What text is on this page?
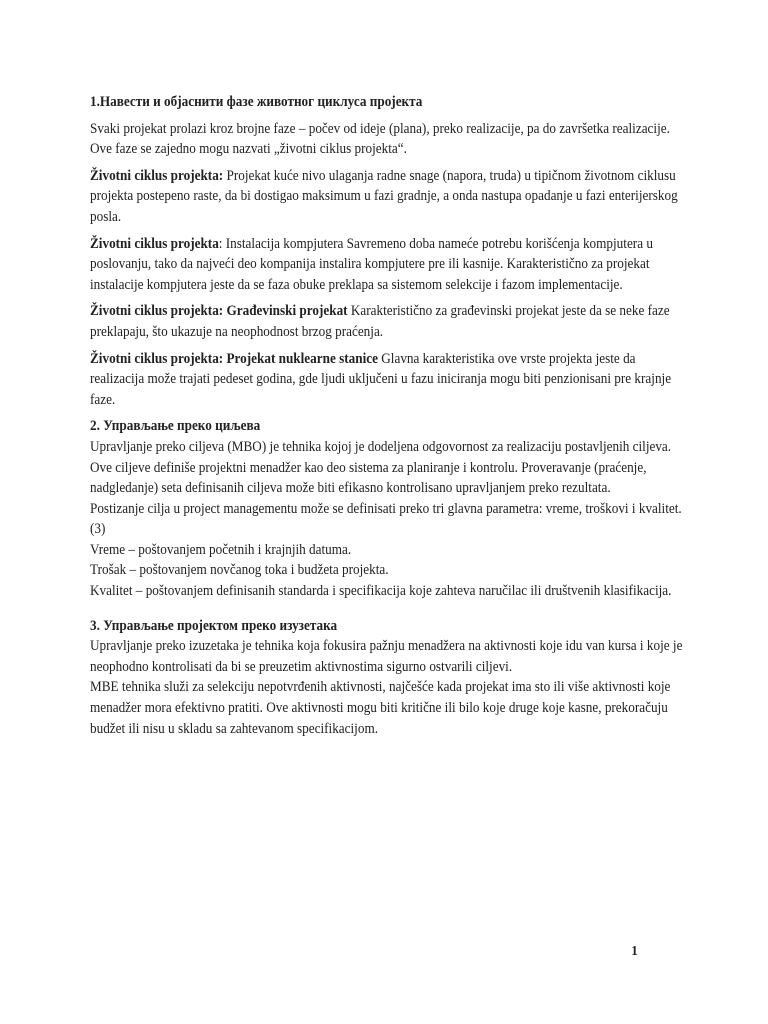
1.Навести и објаснити фазе животног циклуса пројекта
Svaki projekat prolazi kroz brojne faze – počev od ideje (plana), preko realizacije, pa do završetka realizacije. Ove faze se zajedno mogu nazvati „životni ciklus projekta“.
Životni ciklus projekta: Projekat kuće nivo ulaganja radne snage (napora, truda) u tipičnom životnom ciklusu projekta postepeno raste, da bi dostigao maksimum u fazi gradnje, a onda nastupa opadanje u fazi enterijerskog posla.
Životni ciklus projekta: Instalacija kompjutera Savremeno doba nameće potrebu korišćenja kompjutera u poslovanju, tako da najveći deo kompanija instalira kompjutere pre ili kasnije. Karakteristično za projekat instalacije kompjutera jeste da se faza obuke preklapa sa sistemom selekcije i fazom implementacije.
Životni ciklus projekta: Građevinski projekat Karakteristično za građevinski projekat jeste da se neke faze preklapaju, što ukazuje na neophodnost brzog praćenja.
Životni ciklus projekta: Projekat nuklearne stanice Glavna karakteristika ove vrste projekta jeste da realizacija može trajati pedeset godina, gde ljudi uključeni u fazu iniciranja mogu biti penzionisani pre krajnje faze.
2. Управљање преко циљева
Upravljanje preko ciljeva (MBO) je tehnika kojoj je dodeljena odgovornost za realizaciju postavljenih ciljeva. Ove ciljeve definiše projektni menadžer kao deo sistema za planiranje i kontrolu. Proveravanje (praćenje, nadgledanje) seta definisanih ciljeva može biti efikasno kontrolisano upravljanjem preko rezultata.
Postizanje cilja u project managementu može se definisati preko tri glavna parametra: vreme, troškovi i kvalitet. (3)
Vreme – poštovanjem početnih i krajnjih datuma.
Trošak – poštovanjem novčanog toka i budžeta projekta.
Kvalitet – poštovanjem definisanih standarda i specifikacija koje zahteva naručilac ili društvenih klasifikacija.
3. Управљање пројектом преко изузетака
Upravljanje preko izuzetaka je tehnika koja fokusira pažnju menadžera na aktivnosti koje idu van kursa i koje je neophodno kontrolisati da bi se preuzetim aktivnostima sigurno ostvarili ciljevi.
MBE tehnika služi za selekciju nepotvrđenih aktivnosti, najčešće kada projekat ima sto ili više aktivnosti koje menadžer mora efektivno pratiti. Ove aktivnosti mogu biti kritične ili bilo koje druge koje kasne, prekoračuju budžet ili nisu u skladu sa zahtevanom specifikacijom.
1
